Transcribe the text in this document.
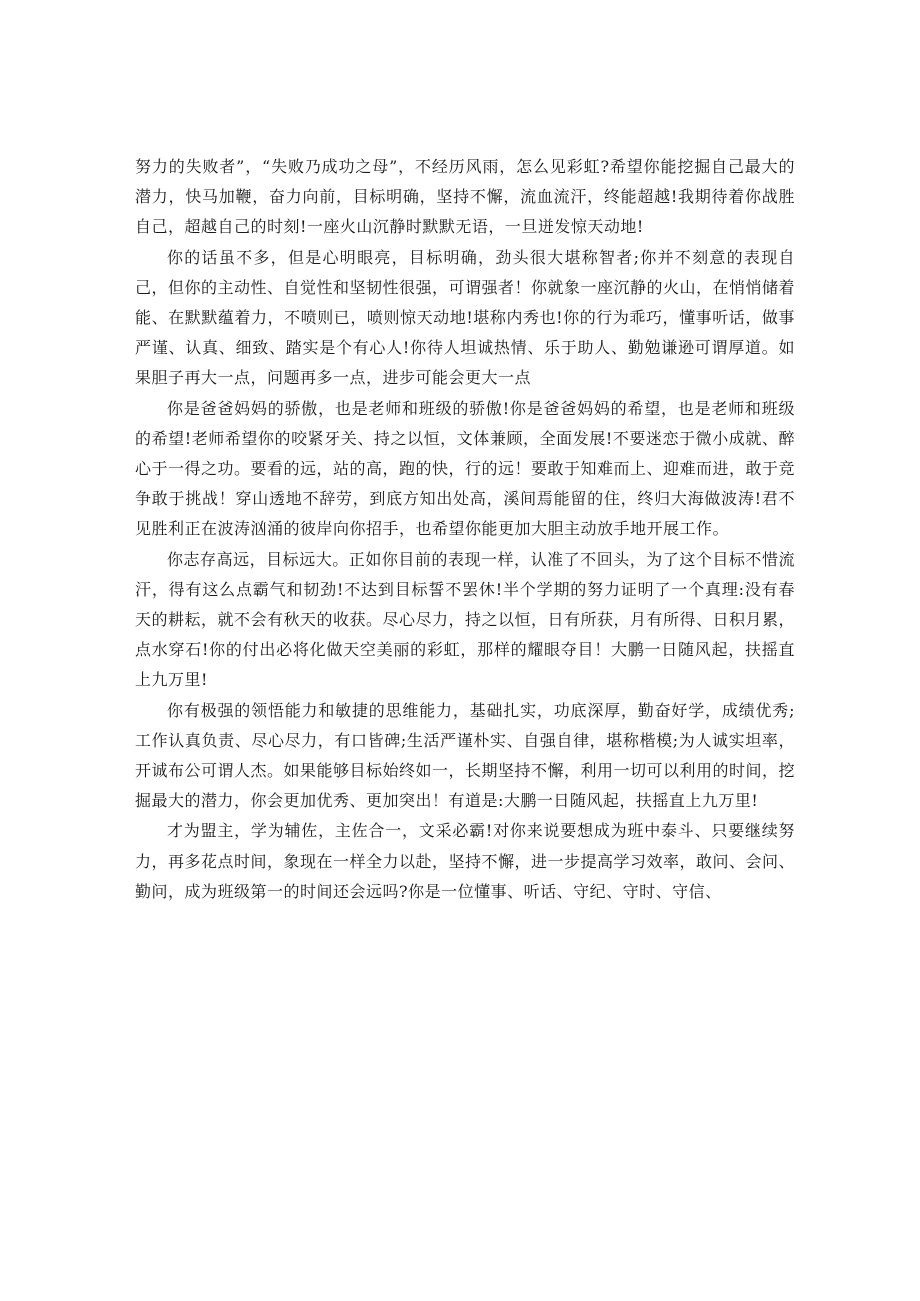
努力的失败者”，“失败乃成功之母”，不经历风雨，怎么见彩虹?希望你能挖掘自己最大的潜力，快马加鞭，奋力向前，目标明确，坚持不懈，流血流汗，终能超越!我期待着你战胜自己，超越自己的时刻!一座火山沉静时默默无语，一旦迸发惊天动地!

你的话虽不多，但是心明眼亮，目标明确，劲头很大堪称智者;你并不刻意的表现自己，但你的主动性、自觉性和坚韧性很强，可谓强者！你就象一座沉静的火山，在悄悄储着能、在默默蕴着力，不喷则已，喷则惊天动地!堪称内秀也!你的行为乖巧，懂事听话，做事严谨、认真、细致、踏实是个有心人!你待人坦诚热情、乐于助人、勤勉谦逊可谓厚道。如果胆子再大一点，问题再多一点，进步可能会更大一点

你是爸爸妈妈的骄傲，也是老师和班级的骄傲!你是爸爸妈妈的希望，也是老师和班级的希望!老师希望你的咬紧牙关、持之以恒，文体兼顾，全面发展!不要迷恋于微小成就、醉心于一得之功。要看的远，站的高，跑的快，行的远！要敢于知难而上、迎难而进，敢于竞争敢于挑战！穿山透地不辞劳，到底方知出处高，溪间焉能留的住，终归大海做波涛!君不见胜利正在波涛汹涌的彼岸向你招手，也希望你能更加大胆主动放手地开展工作。

你志存高远，目标远大。正如你目前的表现一样，认准了不回头，为了这个目标不惜流汗，得有这么点霸气和韧劲!不达到目标誓不罢休!半个学期的努力证明了一个真理:没有春天的耕耘，就不会有秋天的收获。尽心尽力，持之以恒，日有所获，月有所得、日积月累，点水穿石!你的付出必将化做天空美丽的彩虹，那样的耀眼夺目！大鹏一日随风起，扶摇直上九万里!

你有极强的领悟能力和敏捷的思维能力，基础扎实，功底深厚，勤奋好学，成绩优秀;工作认真负责、尽心尽力，有口皆碑;生活严谨朴实、自强自律，堪称楷模;为人诚实坦率，开诚布公可谓人杰。如果能够目标始终如一，长期坚持不懈，利用一切可以利用的时间，挖掘最大的潜力，你会更加优秀、更加突出！有道是:大鹏一日随风起，扶摇直上九万里!

才为盟主，学为辅佐，主佐合一，文采必霸!对你来说要想成为班中泰斗、只要继续努力，再多花点时间，象现在一样全力以赴，坚持不懈，进一步提高学习效率，敢问、会问、勤问，成为班级第一的时间还会远吗?你是一位懂事、听话、守纪、守时、守信、
